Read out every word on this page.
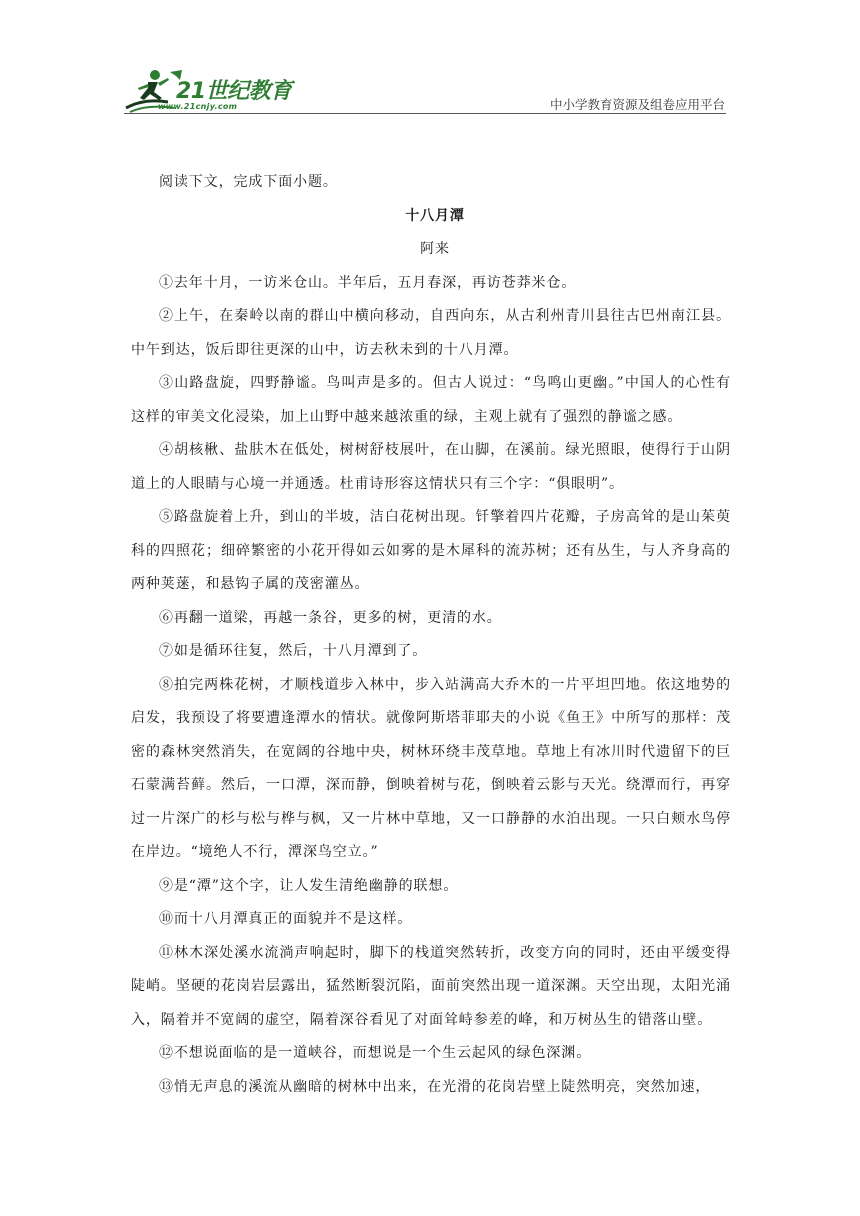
21世纪教育
www.21cnjy.com	中小学教育资源及组卷应用平台

阅读下文，完成下面小题。

十八月潭

阿来

①去年十月，一访米仓山。半年后，五月春深，再访苍莽米仓。

②上午，在秦岭以南的群山中横向移动，自西向东，从古利州青川县往古巴州南江县。中午到达，饭后即往更深的山中，访去秋未到的十八月潭。

③山路盘旋，四野静谧。鸟叫声是多的。但古人说过：“鸟鸣山更幽。”中国人的心性有这样的审美文化浸染，加上山野中越来越浓重的绿，主观上就有了强烈的静谧之感。

④胡核楸、盐肤木在低处，树树舒枝展叶，在山脚，在溪前。绿光照眼，使得行于山阴道上的人眼睛与心境一并通透。杜甫诗形容这情状只有三个字：“俱眼明”。

⑤路盘旋着上升，到山的半坡，洁白花树出现。钎擎着四片花瓣，子房高耸的是山茱萸科的四照花；细碎繁密的小花开得如云如雾的是木犀科的流苏树；还有丛生，与人齐身高的两种荚蒾，和悬钩子属的茂密灌丛。

⑥再翻一道梁，再越一条谷，更多的树，更清的水。

⑦如是循环往复，然后，十八月潭到了。

⑧拍完两株花树，才顺栈道步入林中，步入站满高大乔木的一片平坦凹地。依这地势的启发，我预设了将要遭逢潭水的情状。就像阿斯塔菲耶夫的小说《鱼王》中所写的那样：茂密的森林突然消失，在宽阔的谷地中央，树林环绕丰茂草地。草地上有冰川时代遗留下的巨石蒙满苔藓。然后，一口潭，深而静，倒映着树与花，倒映着云影与天光。绕潭而行，再穿过一片深广的杉与松与桦与枫，又一片林中草地，又一口静静的水泊出现。一只白颊水鸟停在岸边。“境绝人不行，潭深鸟空立。”

⑨是“潭”这个字，让人发生清绝幽静的联想。

⑩而十八月潭真正的面貌并不是这样。

⑪林木深处溪水流淌声响起时，脚下的栈道突然转折，改变方向的同时，还由平缓变得陡峭。坚硬的花岗岩层露出，猛然断裂沉陷，面前突然出现一道深渊。天空出现，太阳光涌入，隔着并不宽阔的虚空，隔着深谷看见了对面耸峙参差的峰，和万树丛生的错落山壁。

⑫不想说面临的是一道峡谷，而想说是一个生云起风的绿色深渊。

⑬悄无声息的溪流从幽暗的树林中出来，在光滑的花岗岩壁上陡然明亮，突然加速，
